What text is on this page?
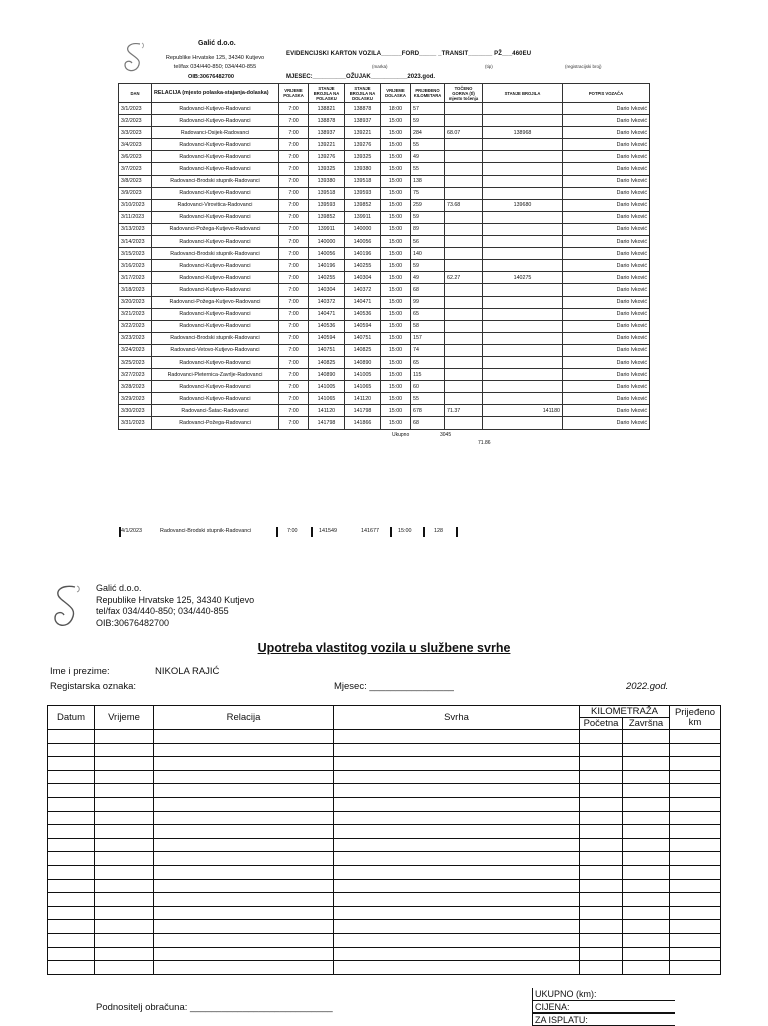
Galić d.o.o.
Republike Hrvatske 125, 34340 Kutjevo
tel/fax 034/440-850; 034/440-855
OIB:30676482700
EVIDENCIJSKI KARTON VOZILA______FORD_____ _TRANSIT_______ PŽ___460EU
(marka)	(tip)	(registracijski broj)
MJESEC:__________OŽUJAK___________2023.god.
DAN	RELACIJA (mjesto polaska-stajanja-dolaska)	VRIJEME POLASKA	STANJE BROJILA NA POLASKU	STANJE BROJILA NA DOLASKU	VRIJEME DOLASKA	PRIJEĐENO KILOMETARA	TOČENO GORIVA (tl) mjesto točenja	STANJE BROJILA	POTPIS VOZAČA
3/1/2023	Radovanci-Kutjevo-Radovanci	7:00	138821	138878	18:00	57			Dario Ivković
3/2/2023	Radovanci-Kutjevo-Radovanci	7:00	138878	138937	15:00	59			Dario Ivković
3/3/2023	Radovanci-Osijek-Radovanci	7:00	138937	139221	15:00	284	68.07	138968	Dario Ivković
3/4/2023	Radovanci-Kutjevo-Radovanci	7:00	139221	139276	15:00	55			Dario Ivković
3/6/2023	Radovanci-Kutjevo-Radovanci	7:00	139276	139325	15:00	49			Dario Ivković
3/7/2023	Radovanci-Kutjevo-Radovanci	7:00	139325	139380	15:00	55			Dario Ivković
3/8/2023	Radovanci-Brodski stupnik-Radovanci	7:00	139380	139518	15:00	138			Dario Ivković
3/9/2023	Radovanci-Kutjevo-Radovanci	7:00	139518	139593	15:00	75			Dario Ivković
3/10/2023	Radovanci-Virovitica-Radovanci	7:00	139593	139852	15:00	259	73.68	139680	Dario Ivković
3/11/2023	Radovanci-Kutjevo-Radovanci	7:00	139852	139911	15:00	59			Dario Ivković
3/13/2023	Radovanci-Požega-Kutjevo-Radovanci	7:00	139911	140000	15:00	89			Dario Ivković
3/14/2023	Radovanci-Kutjevo-Radovanci	7:00	140000	140056	15:00	56			Dario Ivković
3/15/2023	Radovanci-Brodski stupnik-Radovanci	7:00	140056	140196	15:00	140			Dario Ivković
3/16/2023	Radovanci-Kutjevo-Radovanci	7:00	140196	140255	15:00	59			Dario Ivković
3/17/2023	Radovanci-Kutjevo-Radovanci	7:00	140255	140304	15:00	49	62.27	140275	Dario Ivković
3/18/2023	Radovanci-Kutjevo-Radovanci	7:00	140304	140372	15:00	68			Dario Ivković
3/20/2023	Radovanci-Požega-Kutjevo-Radovanci	7:00	140372	140471	15:00	99			Dario Ivković
3/21/2023	Radovanci-Kutjevo-Radovanci	7:00	140471	140536	15:00	65			Dario Ivković
3/22/2023	Radovanci-Kutjevo-Radovanci	7:00	140536	140594	15:00	58			Dario Ivković
3/23/2023	Radovanci-Brodski stupnik-Radovanci	7:00	140594	140751	15:00	157			Dario Ivković
3/24/2023	Radovanci-Vetovo-Kutjevo-Radovanci	7:00	140751	140825	15:00	74			Dario Ivković
3/25/2023	Radovanci-Kutjevo-Radovanci	7:00	140825	140890	15:00	65			Dario Ivković
3/27/2023	Radovanci-Pleternica-Zavrlje-Radovanci	7:00	140890	141005	15:00	115			Dario Ivković
3/28/2023	Radovanci-Kutjevo-Radovanci	7:00	141005	141065	15:00	60			Dario Ivković
3/29/2023	Radovanci-Kutjevo-Radovanci	7:00	141065	141120	15:00	55			Dario Ivković
3/30/2023	Radovanci-Šatac-Radovanci	7:00	141120	141798	15:00	678	71.37	141180	Dario Ivković
3/31/2023	Radovanci-Požega-Radovanci	7:00	141798	141866	15:00	68			Dario Ivković
Ukupno	3045
71.86
4/1/2023	Radovanci-Brodski stupnik-Radovanci	7:00	141549	141677	15:00	128
Galić d.o.o.
Republike Hrvatske 125, 34340 Kutjevo
tel/fax 034/440-850; 034/440-855
OIB:30676482700
Upotreba vlastitog vozila u službene svrhe
Ime i prezime:	NIKOLA RAJIĆ
Registarska oznaka:	Mjesec: ________________	2022.god.
Datum	Vrijeme	Relacija	Svrha	KILOMETRAŽA		Prijeđeno km
				Početna	Završna	

Podnositelj obračuna: ___________________________
UKUPNO (km):
CIJENA:
ZA ISPLATU:
